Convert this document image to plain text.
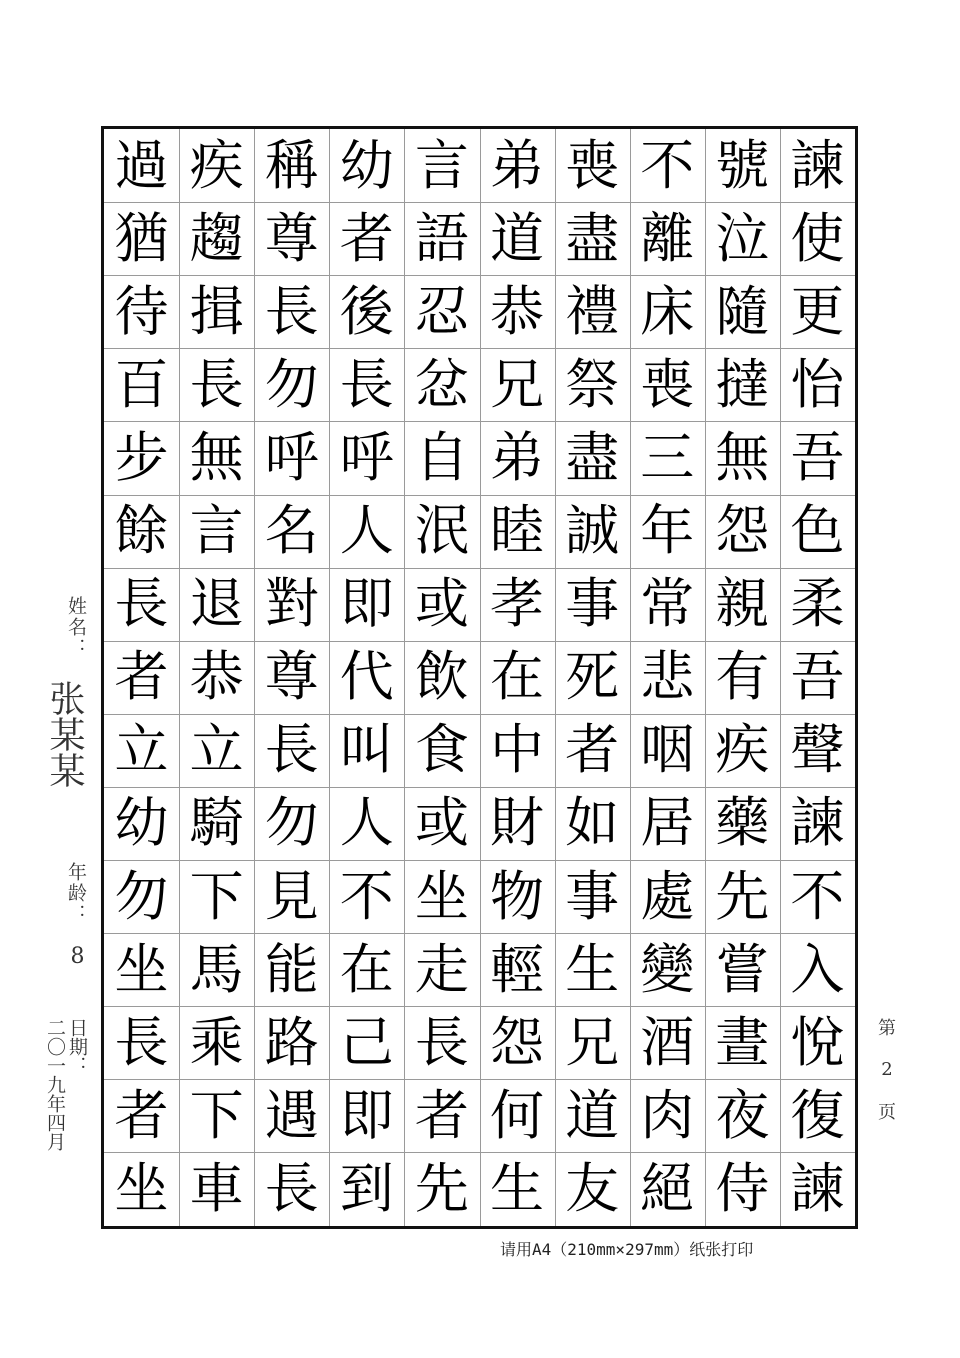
諫
使
更
怡
吾
色
柔
吾
聲
諫
不
入
悅
復
諫
號
泣
隨
撻
無
怨
親
有
疾
藥
先
嘗
晝
夜
侍
不
離
床
喪
三
年
常
悲
咽
居
處
變
酒
肉
絕
喪
盡
禮
祭
盡
誠
事
死
者
如
事
生
兄
道
友
弟
道
恭
兄
弟
睦
孝
在
中
財
物
輕
怨
何
生
言
語
忍
忿
自
泯
或
飲
食
或
坐
走
長
者
先
幼
者
後
長
呼
人
即
代
叫
人
不
在
己
即
到
稱
尊
長
勿
呼
名
對
尊
長
勿
見
能
路
遇
長
疾
趨
揖
長
無
言
退
恭
立
騎
下
馬
乘
下
車
過
猶
待
百
步
餘
長
者
立
幼
勿
坐
長
者
坐
姓名：
张某某
年龄：
8
日期：
二〇一九年四月	第
2
页
请用A4（210mm×297mm）纸张打印
